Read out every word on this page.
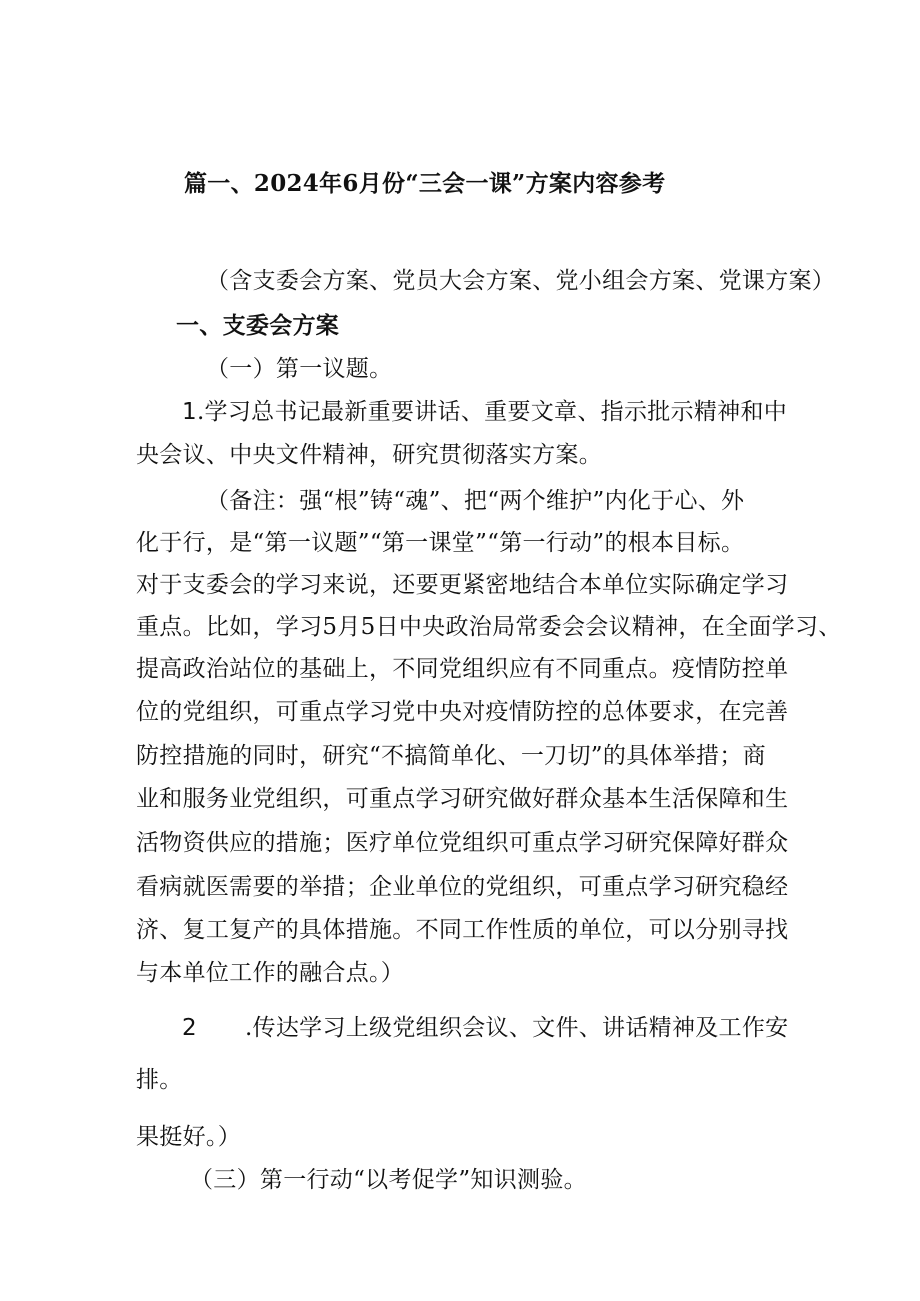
篇一、2024年6月份“三会一课”方案内容参考
（含支委会方案、党员大会方案、党小组会方案、党课方案）
一、支委会方案
（一）第一议题。
1.学习总书记最新重要讲话、重要文章、指示批示精神和中
央会议、中央文件精神，研究贯彻落实方案。
（备注：强“根”铸“魂”、把“两个维护”内化于心、外
化于行，是“第一议题”“第一课堂”“第一行动”的根本目标。
对于支委会的学习来说，还要更紧密地结合本单位实际确定学习
重点。比如，学习5月5日中央政治局常委会会议精神，在全面学习、
提高政治站位的基础上，不同党组织应有不同重点。疫情防控单
位的党组织，可重点学习党中央对疫情防控的总体要求，在完善
防控措施的同时，研究“不搞简单化、一刀切”的具体举措；商
业和服务业党组织，可重点学习研究做好群众基本生活保障和生
活物资供应的措施；医疗单位党组织可重点学习研究保障好群众
看病就医需要的举措；企业单位的党组织，可重点学习研究稳经
济、复工复产的具体措施。不同工作性质的单位，可以分别寻找
与本单位工作的融合点。）
2 .传达学习上级党组织会议、文件、讲话精神及工作安
排。
果挺好。）
（三）第一行动“以考促学”知识测验。
